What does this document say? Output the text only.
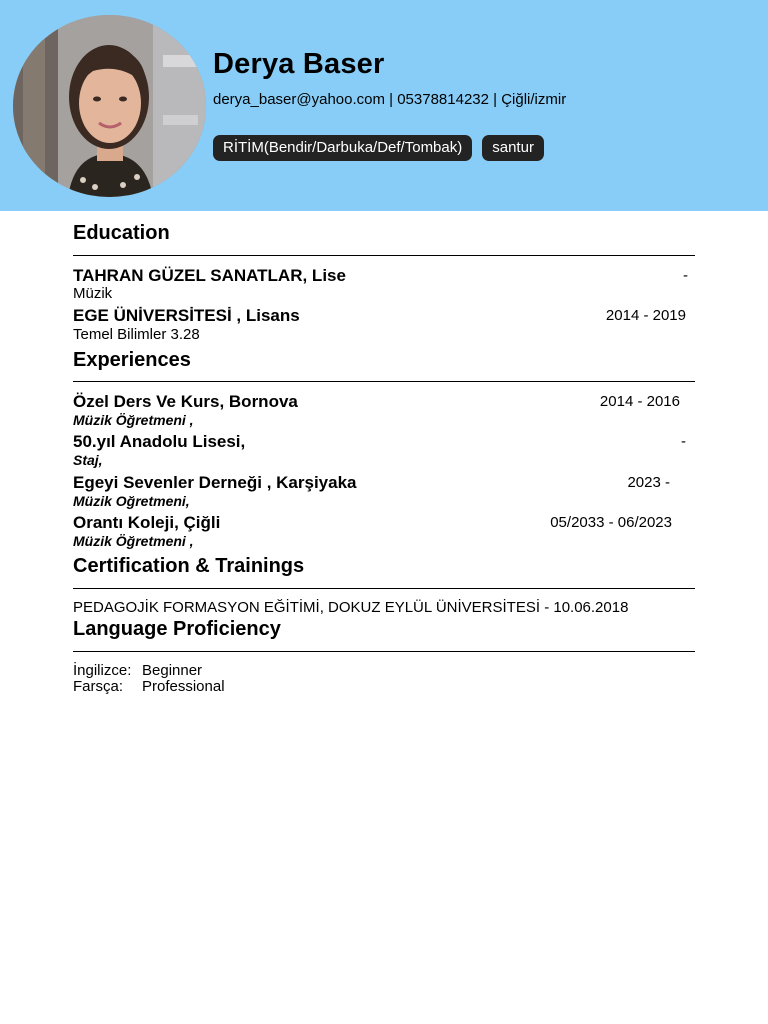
Derya Baser
derya_baser@yahoo.com | 05378814232 | Çiğli/izmir
RİTİM(Bendir/Darbuka/Def/Tombak)	santur
Education
TAHRAN GÜZEL SANATLAR, Lise	-
Müzik
EGE ÜNİVERSİTESİ , Lisans	2014 - 2019
Temel Bilimler 3.28
Experiences
Özel Ders Ve Kurs, Bornova	2014 - 2016
Müzik Öğretmeni ,
50.yıl Anadolu Lisesi,	-
Staj,
Egeyi Sevenler Derneği , Karşiyaka	2023 -
Müzik Oğretmeni,
Orantı Koleji, Çiğli	05/2033 - 06/2023
Müzik Öğretmeni ,
Certification & Trainings
PEDAGOJİK FORMASYON EĞİTİMİ, DOKUZ EYLÜL ÜNİVERSİTESİ - 10.06.2018
Language Proficiency
İngilizce: Beginner
Farsça: Professional
